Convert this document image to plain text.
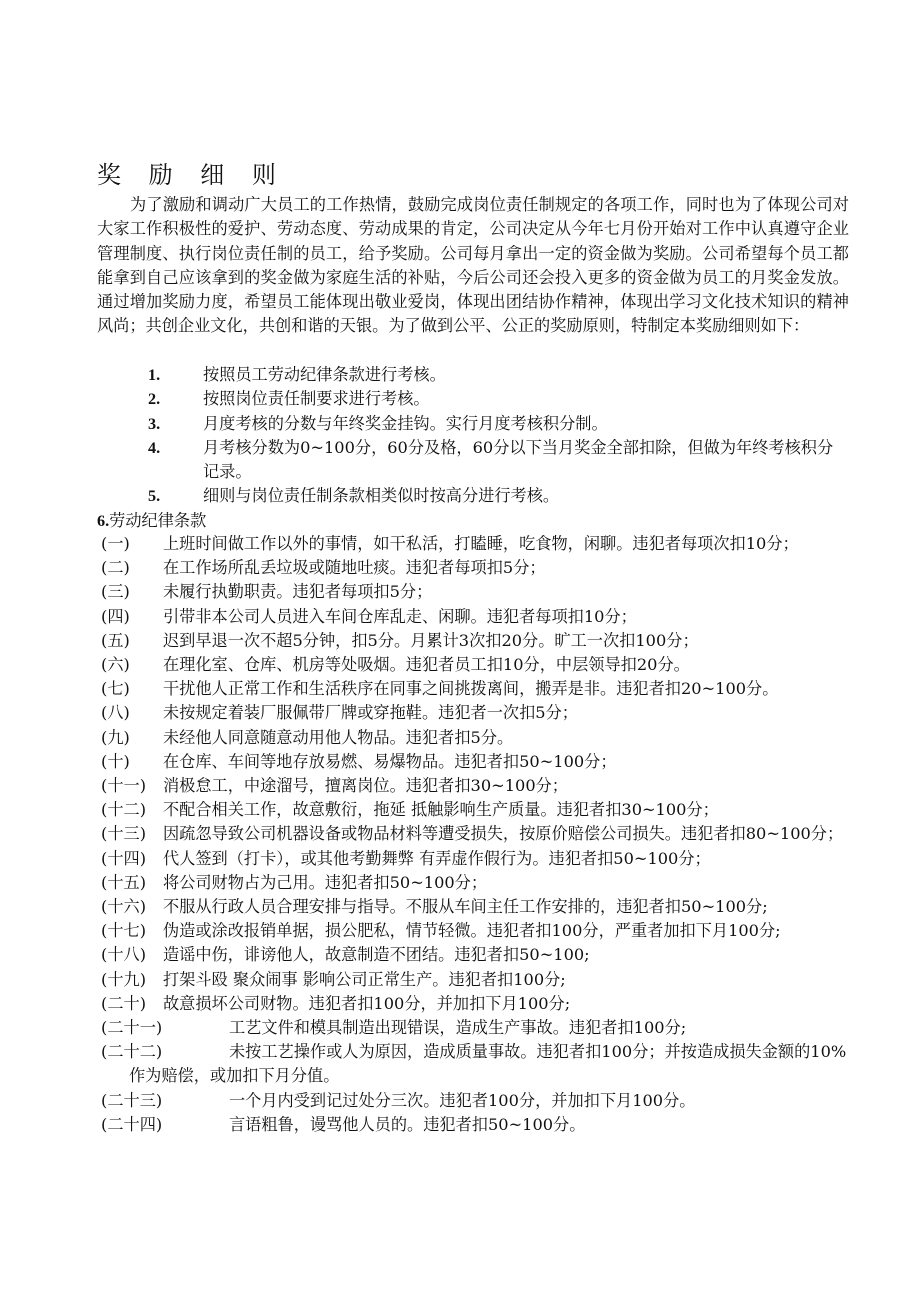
奖 励 细 则

为了激励和调动广大员工的工作热情，鼓励完成岗位责任制规定的各项工作，同时也为了体现公司对大家工作积极性的爱护、劳动态度、劳动成果的肯定，公司决定从今年七月份开始对工作中认真遵守企业管理制度、执行岗位责任制的员工，给予奖励。公司每月拿出一定的资金做为奖励。公司希望每个员工都能拿到自己应该拿到的奖金做为家庭生活的补贴，今后公司还会投入更多的资金做为员工的月奖金发放。通过增加奖励力度，希望员工能体现出敬业爱岗，体现出团结协作精神，体现出学习文化技术知识的精神风尚；共创企业文化，共创和谐的天银。为了做到公平、公正的奖励原则，特制定本奖励细则如下：

1.	按照员工劳动纪律条款进行考核。
2.	按照岗位责任制要求进行考核。
3.	月度考核的分数与年终奖金挂钩。实行月度考核积分制。
4.	月考核分数为0~100分，60分及格，60分以下当月奖金全部扣除，但做为年终考核积分记录。
5.	细则与岗位责任制条款相类似时按高分进行考核。
6.劳动纪律条款
(一) 上班时间做工作以外的事情，如干私活，打瞌睡，吃食物，闲聊。违犯者每项次扣10分；
(二) 在工作场所乱丢垃圾或随地吐痰。违犯者每项扣5分；
(三) 未履行执勤职责。违犯者每项扣5分；
(四) 引带非本公司人员进入车间仓库乱走、闲聊。违犯者每项扣10分；
(五) 迟到早退一次不超5分钟，扣5分。月累计3次扣20分。旷工一次扣100分；
(六) 在理化室、仓库、机房等处吸烟。违犯者员工扣10分，中层领导扣20分。
(七) 干扰他人正常工作和生活秩序在同事之间挑拨离间，搬弄是非。违犯者扣20~100分。
(八) 未按规定着装厂服佩带厂牌或穿拖鞋。违犯者一次扣5分；
(九) 未经他人同意随意动用他人物品。违犯者扣5分。
(十) 在仓库、车间等地存放易燃、易爆物品。违犯者扣50~100分；
(十一)	消极怠工，中途溜号，擅离岗位。违犯者扣30~100分；
(十二)	不配合相关工作，故意敷衍，拖延 抵触影响生产质量。违犯者扣30~100分；
(十三)	因疏忽导致公司机器设备或物品材料等遭受损失，按原价赔偿公司损失。违犯者扣80~100分；
(十四)	代人签到（打卡），或其他考勤舞弊 有弄虚作假行为。违犯者扣50~100分；
(十五)	将公司财物占为己用。违犯者扣50~100分；
(十六)	不服从行政人员合理安排与指导。不服从车间主任工作安排的，违犯者扣50~100分;
(十七)	伪造或涂改报销单据，损公肥私，情节轻微。违犯者扣100分，严重者加扣下月100分;
(十八)	造谣中伤，诽谤他人，故意制造不团结。违犯者扣50~100;
(十九)	打架斗殴 聚众闹事 影响公司正常生产。违犯者扣100分;
(二十)	故意损坏公司财物。违犯者扣100分，并加扣下月100分;
(二十一)	工艺文件和模具制造出现错误，造成生产事故。违犯者扣100分;
(二十二)	未按工艺操作或人为原因，造成质量事故。违犯者扣100分；并按造成损失金额的10%作为赔偿，或加扣下月分值。
(二十三)	一个月内受到记过处分三次。违犯者100分，并加扣下月100分。
(二十四)	言语粗鲁，谩骂他人员的。违犯者扣50~100分。
